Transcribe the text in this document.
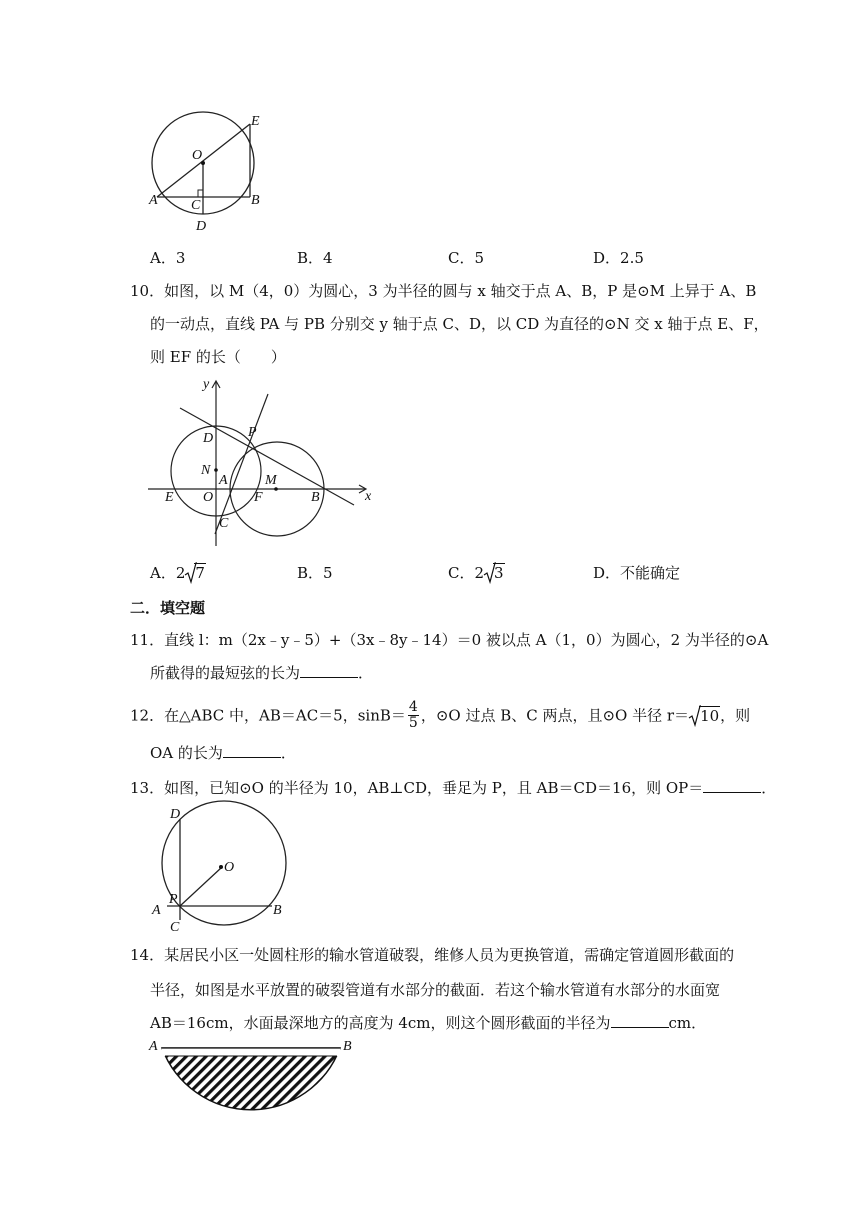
E
O
A C	B
D
A．3	B．4	C．5	D．2.5
10．如图，以 M（4，0）为圆心，3 为半径的圆与 x 轴交于点 A、B，P 是⊙M 上异于 A、B
的一动点，直线 PA 与 PB 分别交 y 轴于点 C、D，以 CD 为直径的⊙N 交 x 轴于点 E、F，
则 EF 的长（　　）
y
x
D P
N
A	M
E O	F	B
C
A．2 7	B．5	C．2 3	D．不能确定
二．填空题
11．直线 l：m（2x﹣y﹣5）+（3x﹣8y﹣14）＝0 被以点 A（1，0）为圆心，2 为半径的⊙A
所截得的最短弦的长为	．
12．在△ABC 中，AB＝AC＝5，$\sin B= \frac{4}{5}$ ，⊙O 过点 B、C 两点，且⊙O 半径 r＝ 10，则
OA 的长为	．
13．如图，已知⊙O 的半径为 10，AB⊥CD，垂足为 P，且 AB＝CD＝16，则 OP＝	．
D
O
P
A
C
B
14．某居民小区一处圆柱形的输水管道破裂，维修人员为更换管道，需确定管道圆形截面的
半径，如图是水平放置的破裂管道有水部分的截面．若这个输水管道有水部分的水面宽
AB＝16cm，水面最深地方的高度为 4cm，则这个圆形截面的半径为	cm．
A	B
